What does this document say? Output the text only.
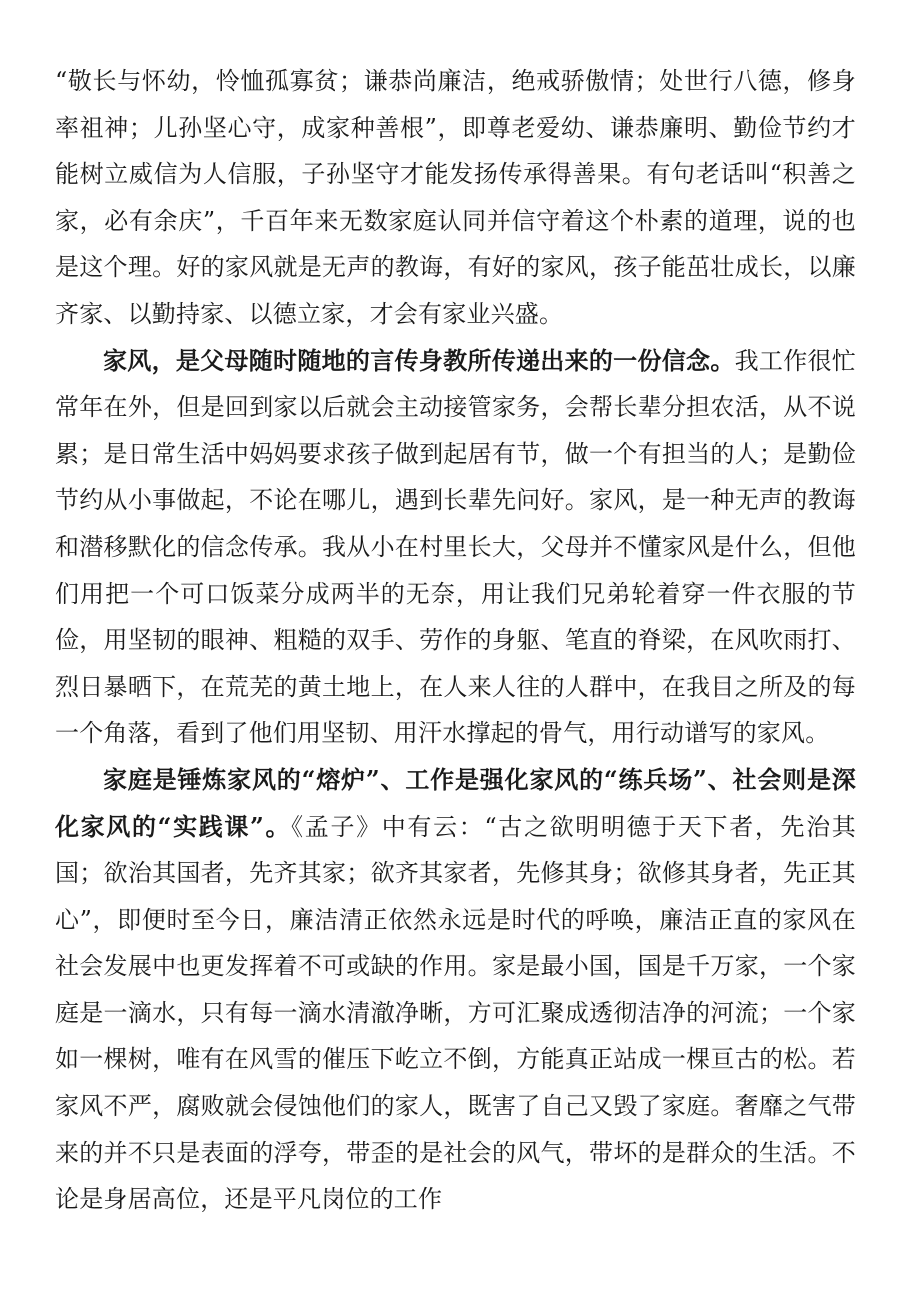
“敬长与怀幼，怜恤孤寡贫；谦恭尚廉洁，绝戒骄傲情；处世行八德，修身率祖神；儿孙坚心守，成家种善根”，即尊老爱幼、谦恭廉明、勤俭节约才能树立威信为人信服，子孙坚守才能发扬传承得善果。有句老话叫“积善之家，必有余庆”，千百年来无数家庭认同并信守着这个朴素的道理，说的也是这个理。好的家风就是无声的教诲，有好的家风，孩子能茁壮成长，以廉齐家、以勤持家、以德立家，才会有家业兴盛。

家风，是父母随时随地的言传身教所传递出来的一份信念。我工作很忙常年在外，但是回到家以后就会主动接管家务，会帮长辈分担农活，从不说累；是日常生活中妈妈要求孩子做到起居有节，做一个有担当的人；是勤俭节约从小事做起，不论在哪儿，遇到长辈先问好。家风，是一种无声的教诲和潜移默化的信念传承。我从小在村里长大，父母并不懂家风是什么，但他们用把一个可口饭菜分成两半的无奈，用让我们兄弟轮着穿一件衣服的节俭，用坚韧的眼神、粗糙的双手、劳作的身躯、笔直的脊梁，在风吹雨打、烈日暴晒下，在荒芜的黄土地上，在人来人往的人群中，在我目之所及的每一个角落，看到了他们用坚韧、用汗水撑起的骨气，用行动谱写的家风。

家庭是锤炼家风的“熔炉”、工作是强化家风的“练兵场”、社会则是深化家风的“实践课”。《孟子》中有云：“古之欲明明德于天下者，先治其国；欲治其国者，先齐其家；欲齐其家者，先修其身；欲修其身者，先正其心”，即便时至今日，廉洁清正依然永远是时代的呼唤，廉洁正直的家风在社会发展中也更发挥着不可或缺的作用。家是最小国，国是千万家，一个家庭是一滴水，只有每一滴水清澈净晰，方可汇聚成透彻洁净的河流；一个家如一棵树，唯有在风雪的催压下屹立不倒，方能真正站成一棵亘古的松。若家风不严，腐败就会侵蚀他们的家人，既害了自己又毁了家庭。奢靡之气带来的并不只是表面的浮夸，带歪的是社会的风气，带坏的是群众的生活。不论是身居高位，还是平凡岗位的工作
